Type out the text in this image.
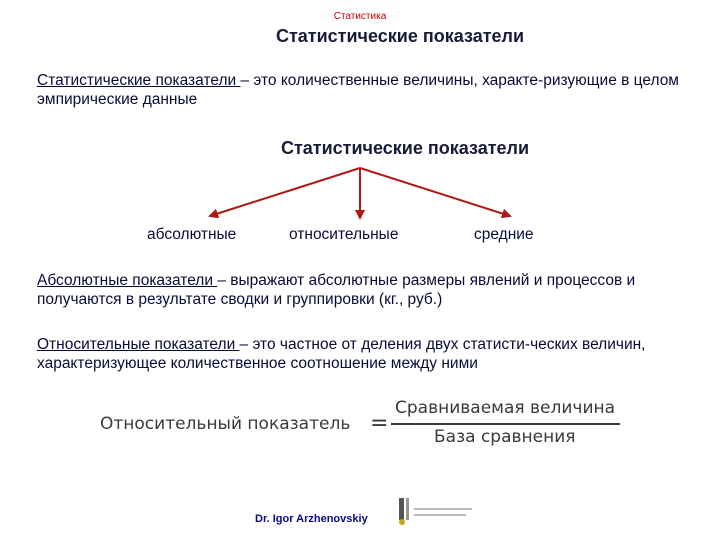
Статистика
Статистические показатели
Статистические показатели – это количественные величины, характе-ризующие в целом эмпирические данные
Статистические показатели
абсолютные	относительные	средние
Абсолютные показатели – выражают абсолютные размеры явлений и процессов и получаются в результате сводки и группировки (кг., руб.)
Относительные показатели – это частное от деления двух статисти-ческих величин, характеризующее количественное соотношение между ними
Относительный показатель =
Сравниваемая величина
База сравнения
Dr. Igor Arzhenovskiy
